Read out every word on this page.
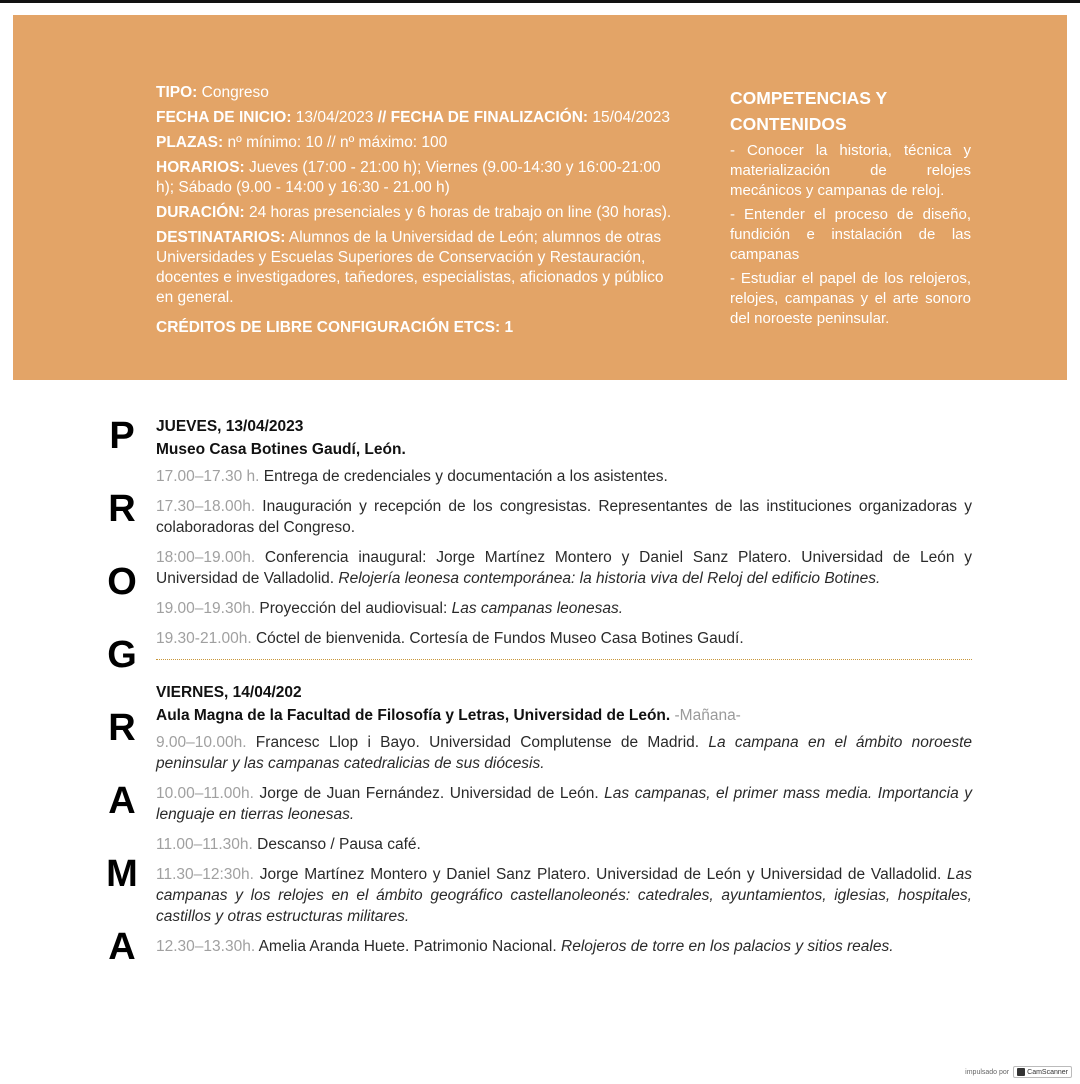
TIPO: Congreso

FECHA DE INICIO: 13/04/2023 // FECHA DE FINALIZACIÓN: 15/04/2023

PLAZAS: nº mínimo: 10 // nº máximo: 100

HORARIOS: Jueves (17:00 - 21:00 h); Viernes (9.00-14:30 y 16:00-21:00 h); Sábado (9.00 - 14:00 y 16:30 - 21.00 h)

DURACIÓN: 24 horas presenciales y 6 horas de trabajo on line (30 horas).

DESTINATARIOS: Alumnos de la Universidad de León; alumnos de otras Universidades y Escuelas Superiores de Conservación y Restauración, docentes e investigadores, tañedores, especialistas, aficionados y público en general.

CRÉDITOS DE LIBRE CONFIGURACIÓN ETCS: 1

COMPETENCIAS Y CONTENIDOS

- Conocer la historia, técnica y materialización de relojes mecánicos y campanas de reloj.

- Entender el proceso de diseño, fundición e instalación de las campanas

- Estudiar el papel de los relojeros, relojes, campanas y el arte sonoro del noroeste peninsular.

P
R
O
G
R
A
M
A
JUEVES, 13/04/2023
Museo Casa Botines Gaudí, León.

17.00–17.30 h. Entrega de credenciales y documentación a los asistentes.

17.30–18.00h. Inauguración y recepción de los congresistas. Representantes de las instituciones organizadoras y colaboradoras del Congreso.

18:00–19.00h. Conferencia inaugural: Jorge Martínez Montero y Daniel Sanz Platero. Universidad de León y Universidad de Valladolid. Relojería leonesa contemporánea: la historia viva del Reloj del edificio Botines.

19.00–19.30h. Proyección del audiovisual: Las campanas leonesas.

19.30-21.00h. Cóctel de bienvenida. Cortesía de Fundos Museo Casa Botines Gaudí.

VIERNES, 14/04/202
Aula Magna de la Facultad de Filosofía y Letras, Universidad de León. -Mañana-

9.00–10.00h. Francesc Llop i Bayo. Universidad Complutense de Madrid. La campana en el ámbito noroeste peninsular y las campanas catedralicias de sus diócesis.

10.00–11.00h. Jorge de Juan Fernández. Universidad de León. Las campanas, el primer mass media. Importancia y lenguaje en tierras leonesas.

11.00–11.30h. Descanso / Pausa café.

11.30–12:30h. Jorge Martínez Montero y Daniel Sanz Platero. Universidad de León y Universidad de Valladolid. Las campanas y los relojes en el ámbito geográfico castellanoleonés: catedrales, ayuntamientos, iglesias, hospitales, castillos y otras estructuras militares.

12.30–13.30h. Amelia Aranda Huete. Patrimonio Nacional. Relojeros de torre en los palacios y sitios reales.

impulsado por	CamScanner
